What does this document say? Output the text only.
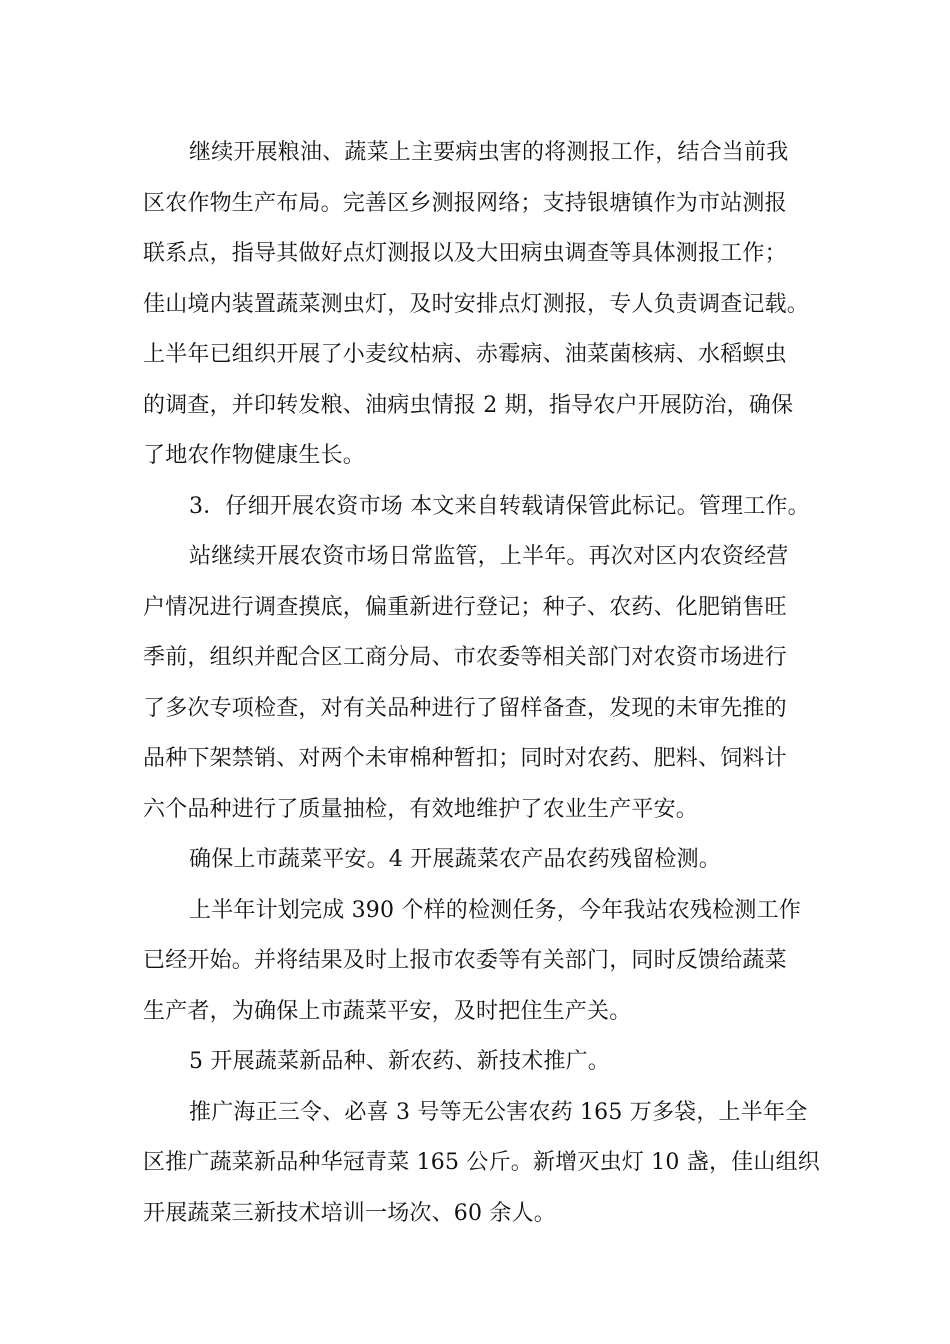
继续开展粮油、蔬菜上主要病虫害的将测报工作，结合当前我
区农作物生产布局。完善区乡测报网络；支持银塘镇作为市站测报
联系点，指导其做好点灯测报以及大田病虫调查等具体测报工作；
佳山境内装置蔬菜测虫灯，及时安排点灯测报，专人负责调查记载。
上半年已组织开展了小麦纹枯病、赤霉病、油菜菌核病、水稻螟虫
的调查，并印转发粮、油病虫情报 2 期，指导农户开展防治，确保
了地农作物健康生长。

3．仔细开展农资市场 本文来自转载请保管此标记。管理工作。

站继续开展农资市场日常监管，上半年。再次对区内农资经营
户情况进行调查摸底，偏重新进行登记；种子、农药、化肥销售旺
季前，组织并配合区工商分局、市农委等相关部门对农资市场进行
了多次专项检查，对有关品种进行了留样备查，发现的未审先推的
品种下架禁销、对两个未审棉种暂扣；同时对农药、肥料、饲料计
六个品种进行了质量抽检，有效地维护了农业生产平安。

确保上市蔬菜平安。4 开展蔬菜农产品农药残留检测。

上半年计划完成 390 个样的检测任务，今年我站农残检测工作
已经开始。并将结果及时上报市农委等有关部门，同时反馈给蔬菜
生产者，为确保上市蔬菜平安，及时把住生产关。

5 开展蔬菜新品种、新农药、新技术推广。

推广海正三令、必喜 3 号等无公害农药 165 万多袋，上半年全
区推广蔬菜新品种华冠青菜 165 公斤。新增灭虫灯 10 盏，佳山组织
开展蔬菜三新技术培训一场次、60 余人。
